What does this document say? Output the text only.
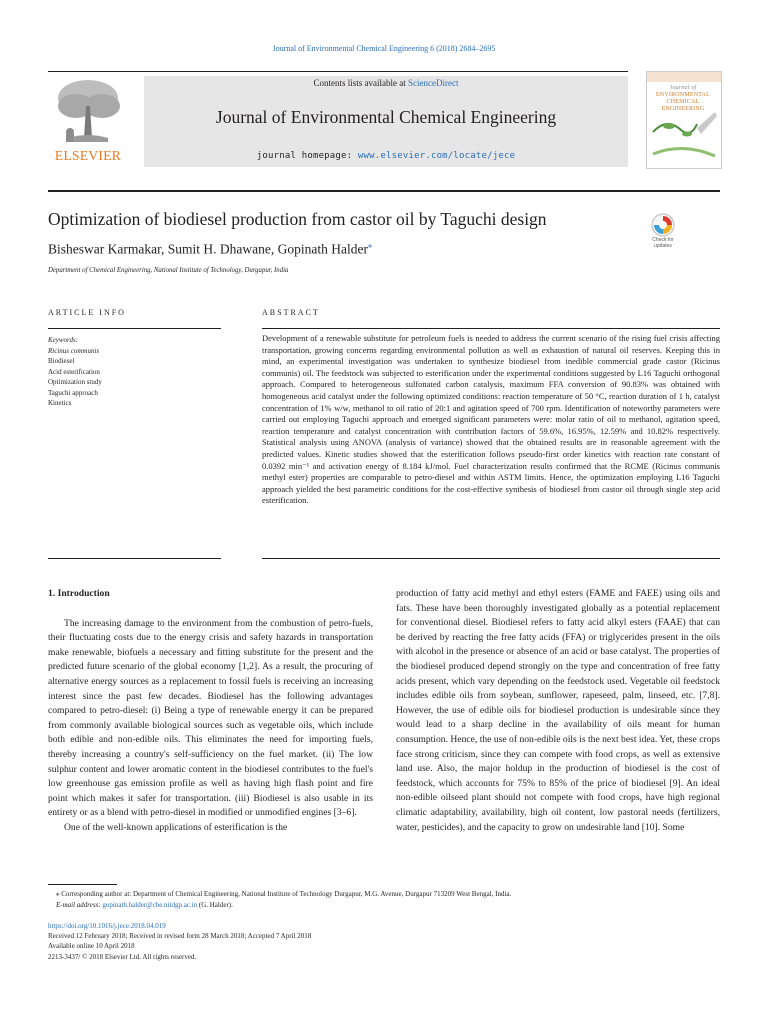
Journal of Environmental Chemical Engineering 6 (2018) 2684–2695
ELSEVIER
Contents lists available at ScienceDirect
Journal of Environmental Chemical Engineering
journal homepage: www.elsevier.com/locate/jece
Journal of
ENVIRONMENTAL
CHEMICAL
ENGINEERING
Optimization of biodiesel production from castor oil by Taguchi design
Check for
updates
Bisheswar Karmakar, Sumit H. Dhawane, Gopinath Halder⁎
Department of Chemical Engineering, National Institute of Technology, Durgapur, India
ARTICLE INFO	ABSTRACT
Keywords:
Ricinus communis
Biodiesel
Acid esterification
Optimization study
Taguchi approach
Kinetics
Development of a renewable substitute for petroleum fuels is needed to address the current scenario of the rising fuel crisis affecting transportation, growing concerns regarding environmental pollution as well as exhaustion of natural oil reserves. Keeping this in mind, an experimental investigation was undertaken to synthesize biodiesel from inedible commercial grade castor (Ricinus communis) oil. The feedstock was subjected to esterification under the experimental conditions suggested by L16 Taguchi orthogonal approach. Compared to heterogeneous sulfonated carbon catalysis, maximum FFA conversion of 90.83% was obtained with homogeneous acid catalyst under the following optimized conditions: reaction temperature of 50 °C, reaction duration of 1 h, catalyst concentration of 1% w/w, methanol to oil ratio of 20:1 and agitation speed of 700 rpm. Identification of noteworthy parameters were carried out employing Taguchi approach and emerged significant parameters were: molar ratio of oil to methanol, agitation speed, reaction temperature and catalyst concentration with contribution factors of 59.6%, 16.95%, 12.59% and 10.82% respectively. Statistical analysis using ANOVA (analysis of variance) showed that the obtained results are in reasonable agreement with the predicted values. Kinetic studies showed that the esterification follows pseudo-first order kinetics with reaction rate constant of 0.0392 min⁻¹ and activation energy of 8.184 kJ/mol. Fuel characterization results confirmed that the RCME (Ricinus communis methyl ester) properties are comparable to petro-diesel and within ASTM limits. Hence, the optimization employing L16 Taguchi approach yielded the best parametric conditions for the cost-effective synthesis of biodiesel from castor oil through single step acid esterification.
1. Introduction

The increasing damage to the environment from the combustion of petro-fuels, their fluctuating costs due to the energy crisis and safety hazards in transportation make renewable, biofuels a necessary and fitting substitute for the present and the predicted future scenario of the global economy [1,2]. As a result, the procuring of alternative energy sources as a replacement to fossil fuels is receiving an increasing interest since the past few decades. Biodiesel has the following advantages compared to petro-diesel: (i) Being a type of renewable energy it can be prepared from commonly available biological sources such as vegetable oils, which include both edible and non-edible oils. This eliminates the need for importing fuels, thereby increasing a country's self-sufficiency on the fuel market. (ii) The low sulphur content and lower aromatic content in the biodiesel contributes to the fuel's low greenhouse gas emission profile as well as having high flash point and fire point which makes it safer for transportation. (iii) Biodiesel is also usable in its entirety or as a blend with petro-diesel in modified or unmodified engines [3–6].

One of the well-known applications of esterification is the

production of fatty acid methyl and ethyl esters (FAME and FAEE) using oils and fats. These have been thoroughly investigated globally as a potential replacement for conventional diesel. Biodiesel refers to fatty acid alkyl esters (FAAE) that can be derived by reacting the free fatty acids (FFA) or triglycerides present in the oils with alcohol in the presence or absence of an acid or base catalyst. The properties of the biodiesel produced depend strongly on the type and concentration of free fatty acids present, which vary depending on the feedstock used. Vegetable oil feedstock includes edible oils from soybean, sunflower, rapeseed, palm, linseed, etc. [7,8]. However, the use of edible oils for biodiesel production is undesirable since they would lead to a sharp decline in the availability of oils meant for human consumption. Hence, the use of non-edible oils is the next best idea. Yet, these crops face strong criticism, since they can compete with food crops, as well as extensive land use. Also, the major holdup in the production of biodiesel is the cost of feedstock, which accounts for 75% to 85% of the price of biodiesel [9]. An ideal non-edible oilseed plant should not compete with food crops, have high regional climatic adaptability, availability, high oil content, low pastoral needs (fertilizers, water, pesticides), and the capacity to grow on undesirable land [10]. Some

⁎ Corresponding author at: Department of Chemical Engineering, National Institute of Technology Durgapur, M.G. Avenue, Durgapur 713209 West Bengal, India.
E-mail address: gopinath.halder@che.nitdgp.ac.in (G. Halder).
https://doi.org/10.1016/j.jece.2018.04.019
Received 12 February 2018; Received in revised form 28 March 2018; Accepted 7 April 2018
Available online 10 April 2018
2213-3437/ © 2018 Elsevier Ltd. All rights reserved.
